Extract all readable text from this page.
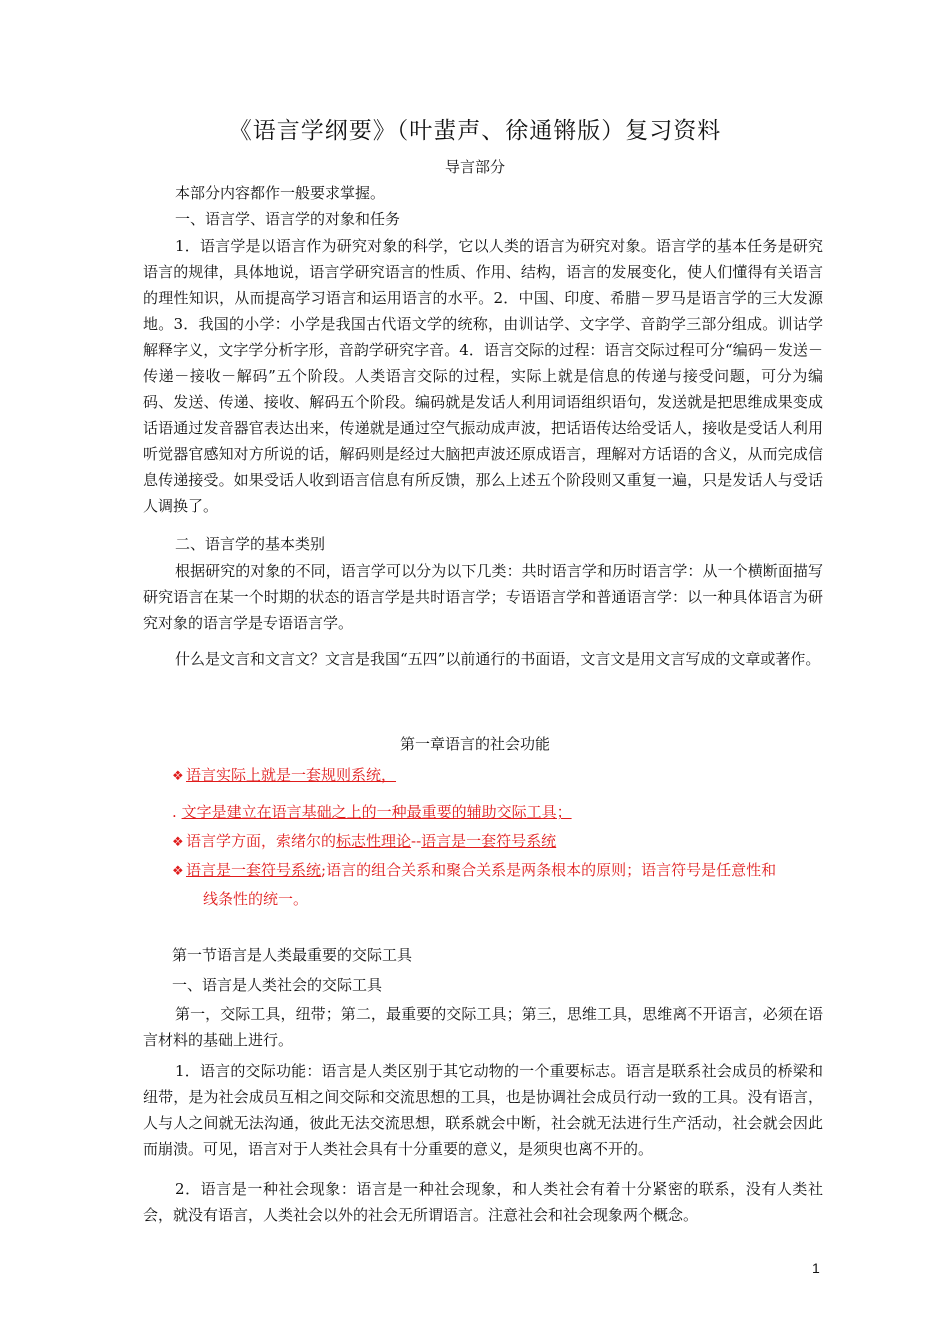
《语言学纲要》（叶蜚声、徐通锵版）复习资料
导言部分
本部分内容都作一般要求掌握。
一、语言学、语言学的对象和任务
1．语言学是以语言作为研究对象的科学，它以人类的语言为研究对象。语言学的基本任务是研究语言的规律，具体地说，语言学研究语言的性质、作用、结构，语言的发展变化，使人们懂得有关语言的理性知识，从而提高学习语言和运用语言的水平。2．中国、印度、希腊－罗马是语言学的三大发源地。3．我国的小学：小学是我国古代语文学的统称，由训诂学、文字学、音韵学三部分组成。训诂学解释字义，文字学分析字形，音韵学研究字音。4．语言交际的过程：语言交际过程可分“编码－发送－传递－接收－解码”五个阶段。人类语言交际的过程，实际上就是信息的传递与接受问题，可分为编码、发送、传递、接收、解码五个阶段。编码就是发话人利用词语组织语句，发送就是把思维成果变成话语通过发音器官表达出来，传递就是通过空气振动成声波，把话语传达给受话人，接收是受话人利用听觉器官感知对方所说的话，解码则是经过大脑把声波还原成语言，理解对方话语的含义，从而完成信息传递接受。如果受话人收到语言信息有所反馈，那么上述五个阶段则又重复一遍，只是发话人与受话人调换了。
二、语言学的基本类别
根据研究的对象的不同，语言学可以分为以下几类：共时语言学和历时语言学：从一个横断面描写研究语言在某一个时期的状态的语言学是共时语言学；专语语言学和普通语言学：以一种具体语言为研究对象的语言学是专语语言学。
什么是文言和文言文？文言是我国“五四”以前通行的书面语，文言文是用文言写成的文章或著作。
第一章语言的社会功能
❖ 语言实际上就是一套规则系统，
. 文字是建立在语言基础之上的一种最重要的辅助交际工具；
❖ 语言学方面，索绪尔的标志性理论--语言是一套符号系统
❖ 语言是一套符号系统;语言的组合关系和聚合关系是两条根本的原则；语言符号是任意性和
线条性的统一。
第一节语言是人类最重要的交际工具
一、语言是人类社会的交际工具
第一，交际工具，纽带；第二，最重要的交际工具；第三，思维工具，思维离不开语言，必须在语言材料的基础上进行。
1．语言的交际功能：语言是人类区别于其它动物的一个重要标志。语言是联系社会成员的桥梁和纽带，是为社会成员互相之间交际和交流思想的工具，也是协调社会成员行动一致的工具。没有语言，人与人之间就无法沟通，彼此无法交流思想，联系就会中断，社会就无法进行生产活动，社会就会因此而崩溃。可见，语言对于人类社会具有十分重要的意义，是须臾也离不开的。
2．语言是一种社会现象：语言是一种社会现象，和人类社会有着十分紧密的联系，没有人类社会，就没有语言，人类社会以外的社会无所谓语言。注意社会和社会现象两个概念。
1
